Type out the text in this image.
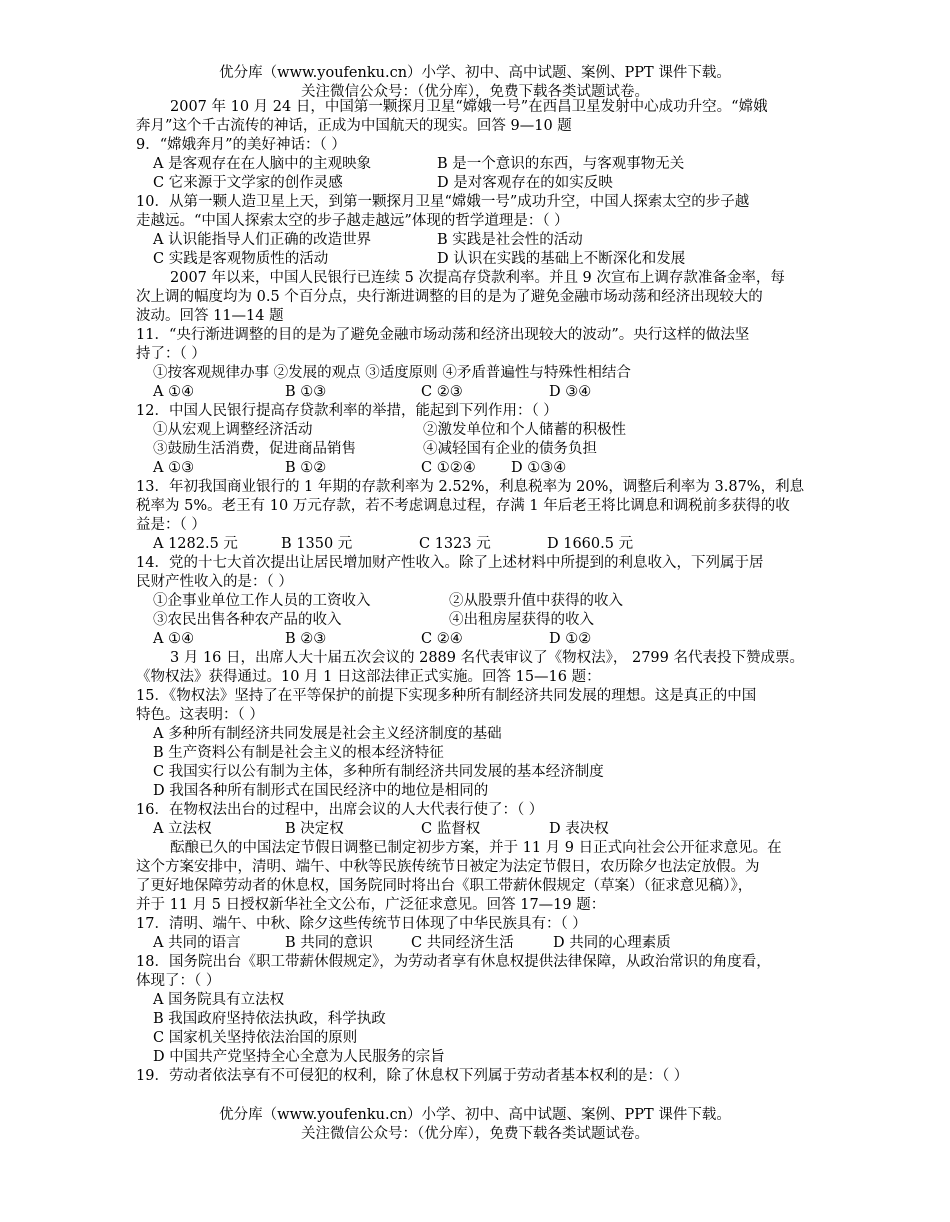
优分库（www.youfenku.cn）小学、初中、高中试题、案例、PPT 课件下载。
关注微信公众号：（优分库），免费下载各类试题试卷。
2007 年 10 月 24 日，中国第一颗探月卫星“嫦娥一号”在西昌卫星发射中心成功升空。“嫦娥
奔月”这个千古流传的神话，正成为中国航天的现实。回答 9—10 题
9．“嫦娥奔月”的美好神话：（ ）
A 是客观存在在人脑中的主观映象	B 是一个意识的东西，与客观事物无关
C 它来源于文学家的创作灵感	D 是对客观存在的如实反映
10．从第一颗人造卫星上天，到第一颗探月卫星“嫦娥一号”成功升空，中国人探索太空的步子越
走越远。“中国人探索太空的步子越走越远”体现的哲学道理是：（ ）
A 认识能指导人们正确的改造世界	B 实践是社会性的活动
C 实践是客观物质性的活动	D 认识在实践的基础上不断深化和发展
2007 年以来，中国人民银行已连续 5 次提高存贷款利率。并且 9 次宣布上调存款准备金率，每
次上调的幅度均为 0.5 个百分点，央行渐进调整的目的是为了避免金融市场动荡和经济出现较大的
波动。回答 11—14 题
11．“央行渐进调整的目的是为了避免金融市场动荡和经济出现较大的波动”。央行这样的做法坚
持了：（ ）
①按客观规律办事 ②发展的观点 ③适度原则 ④矛盾普遍性与特殊性相结合
A ①④	B ①③	C ②③	D ③④
12．中国人民银行提高存贷款利率的举措，能起到下列作用：（ ）
①从宏观上调整经济活动	②激发单位和个人储蓄的积极性
③鼓励生活消费，促进商品销售	④减轻国有企业的债务负担
A ①③	B ①②	C ①②④	D ①③④
13．年初我国商业银行的 1 年期的存款利率为 2.52%，利息税率为 20%，调整后利率为 3.87%，利息
税率为 5%。老王有 10 万元存款，若不考虑调息过程，存满 1 年后老王将比调息和调税前多获得的收
益是：（ ）
A 1282.5 元	B 1350 元	C 1323 元	D 1660.5 元
14．党的十七大首次提出让居民增加财产性收入。除了上述材料中所提到的利息收入，下列属于居
民财产性收入的是：（ ）
①企事业单位工作人员的工资收入	②从股票升值中获得的收入
③农民出售各种农产品的收入	④出租房屋获得的收入
A ①④	B ②③	C ②④	D ①②
3 月 16 日，出席人大十届五次会议的 2889 名代表审议了《物权法》， 2799 名代表投下赞成票。
《物权法》获得通过。10 月 1 日这部法律正式实施。回答 15—16 题：
15．《物权法》坚持了在平等保护的前提下实现多种所有制经济共同发展的理想。这是真正的中国
特色。这表明：（ ）
A 多种所有制经济共同发展是社会主义经济制度的基础
B 生产资料公有制是社会主义的根本经济特征
C 我国实行以公有制为主体，多种所有制经济共同发展的基本经济制度
D 我国各种所有制形式在国民经济中的地位是相同的
16．在物权法出台的过程中，出席会议的人大代表行使了：（ ）
A 立法权	B 决定权	C 监督权	D 表决权
酝酿已久的中国法定节假日调整已制定初步方案，并于 11 月 9 日正式向社会公开征求意见。在
这个方案安排中，清明、端午、中秋等民族传统节日被定为法定节假日，农历除夕也法定放假。为
了更好地保障劳动者的休息权，国务院同时将出台《职工带薪休假规定（草案）（征求意见稿）》，
并于 11 月 5 日授权新华社全文公布，广泛征求意见。回答 17—19 题：
17．清明、端午、中秋、除夕这些传统节日体现了中华民族具有：（ ）
A 共同的语言	B 共同的意识	C 共同经济生活	D 共同的心理素质
18．国务院出台《职工带薪休假规定》，为劳动者享有休息权提供法律保障，从政治常识的角度看，
体现了：（ ）
A 国务院具有立法权
B 我国政府坚持依法执政，科学执政
C 国家机关坚持依法治国的原则
D 中国共产党坚持全心全意为人民服务的宗旨
19．劳动者依法享有不可侵犯的权利，除了休息权下列属于劳动者基本权利的是：（ ）
优分库（www.youfenku.cn）小学、初中、高中试题、案例、PPT 课件下载。
关注微信公众号：（优分库），免费下载各类试题试卷。
